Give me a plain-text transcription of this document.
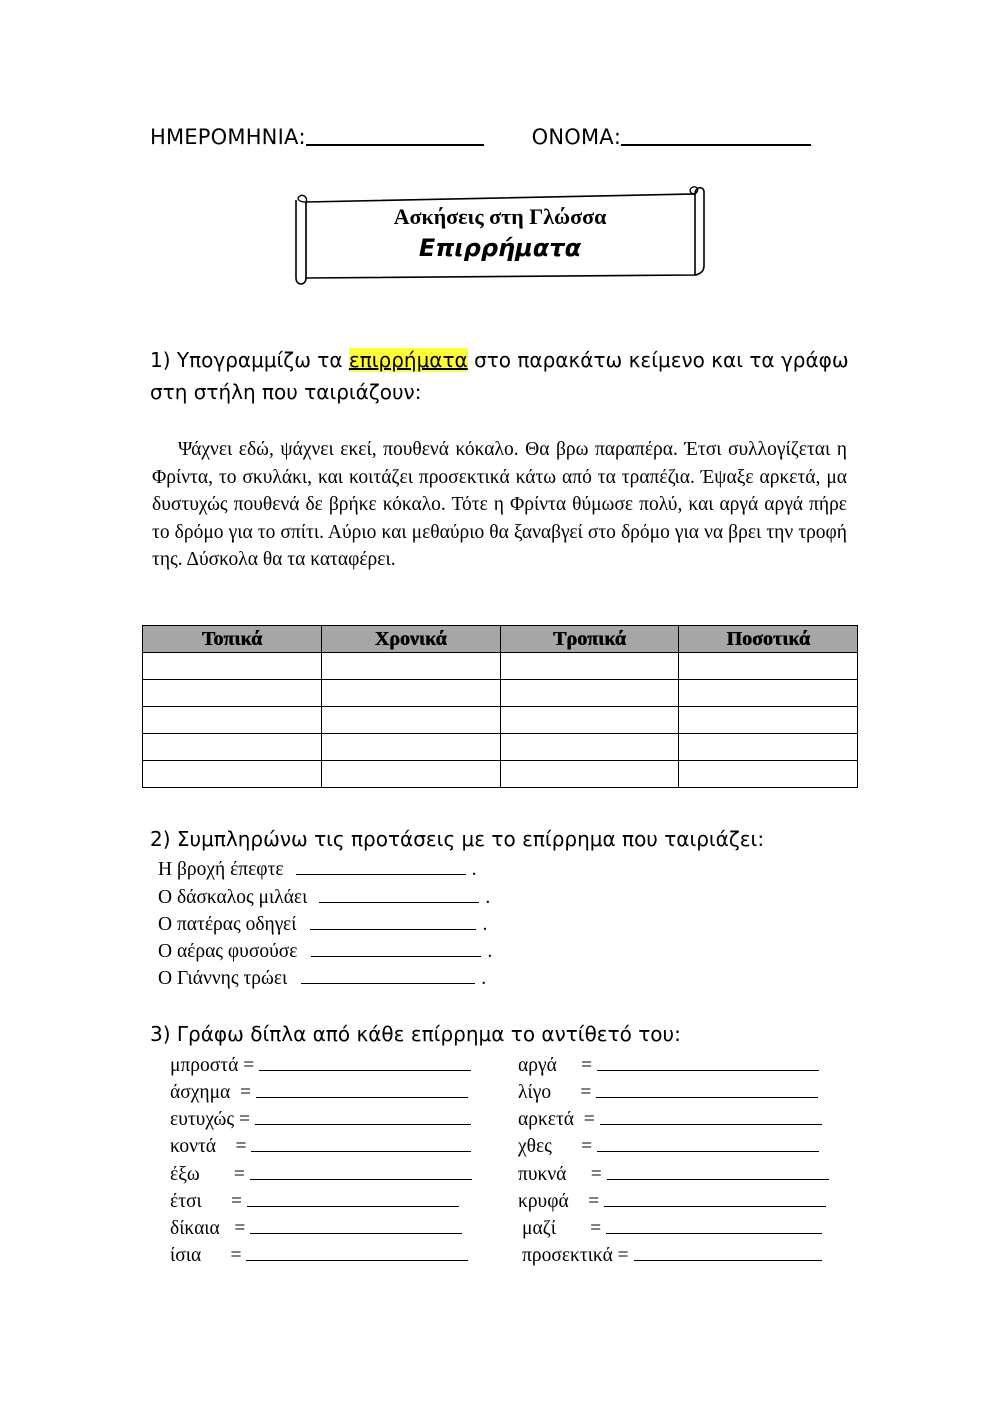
ΗΜΕΡΟΜΗΝΙΑ:	ΟΝΟΜΑ:
Ασκήσεις στη Γλώσσα
Επιρρήματα
1) Υπογραμμίζω τα επιρρήματα στο παρακάτω κείμενο και τα γράφω στη στήλη που ταιριάζουν:
Ψάχνει εδώ, ψάχνει εκεί, πουθενά κόκαλο. Θα βρω παραπέρα. Έτσι συλλογίζεται η Φρίντα, το σκυλάκι, και κοιτάζει προσεκτικά κάτω από τα τραπέζια. Έψαξε αρκετά, μα δυστυχώς πουθενά δε βρήκε κόκαλο. Τότε η Φρίντα θύμωσε πολύ, και αργά αργά πήρε το δρόμο για το σπίτι. Αύριο και μεθαύριο θα ξαναβγεί στο δρόμο για να βρει την τροφή της. Δύσκολα θα τα καταφέρει.
Τοπικά	Χρονικά	Τροπικά	Ποσοτικά

2) Συμπληρώνω τις προτάσεις με το επίρρημα που ταιριάζει:
Η βροχή έπεφτε	.
Ο δάσκαλος μιλάει	.
Ο πατέρας οδηγεί	.
Ο αέρας φυσούσε	.
Ο Γιάννης τρώει	.
3) Γράφω δίπλα από κάθε επίρρημα το αντίθετό του:
μπροστά =
άσχημα  =
ευτυχώς =
κοντά    =
έξω       =
έτσι      =
δίκαια   =
ίσια      =
αργά     =
λίγο      =
αρκετά  =
χθες      =
πυκνά     =
κρυφά    =
μαζί       =
προσεκτικά =
